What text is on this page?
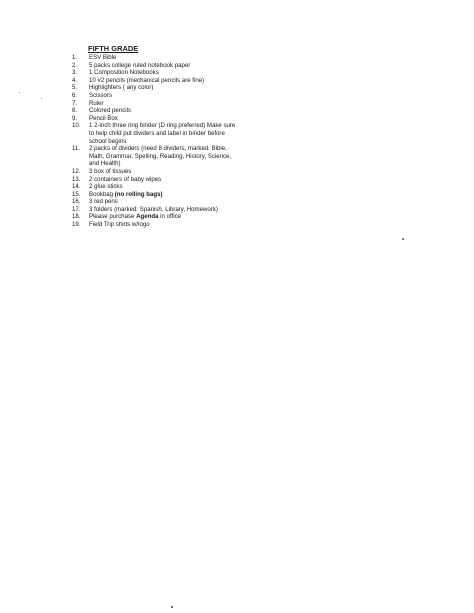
FIFTH GRADE
1.	ESV Bible
2.	5 packs college ruled notebook paper
3.	1 Composition Notebooks
4.	10 #2 pencils (mechanical pencils are fine)
5.	Highlighters ( any color)
6.	Scissors
7.	Ruler
8.	Colored pencils
9.	Pencil Box
10.	1 2-inch three ring binder (D ring preferred) Make sure to help child put dividers and label in binder before school begins
11.	2 packs of dividers (need 8 dividers, marked: Bible, Math, Grammar, Spelling, Reading, History, Science, and Health)
12.	3 box of tissues
13.	2 containers of baby wipes
14.	2 glue sticks
15.	Bookbag (no rolling bags)
16.	3 red pens
17.	3 folders (marked: Spanish, Library, Homework)
18.	Please purchase Agenda in office
19.	Field Trip shirts w/logo
